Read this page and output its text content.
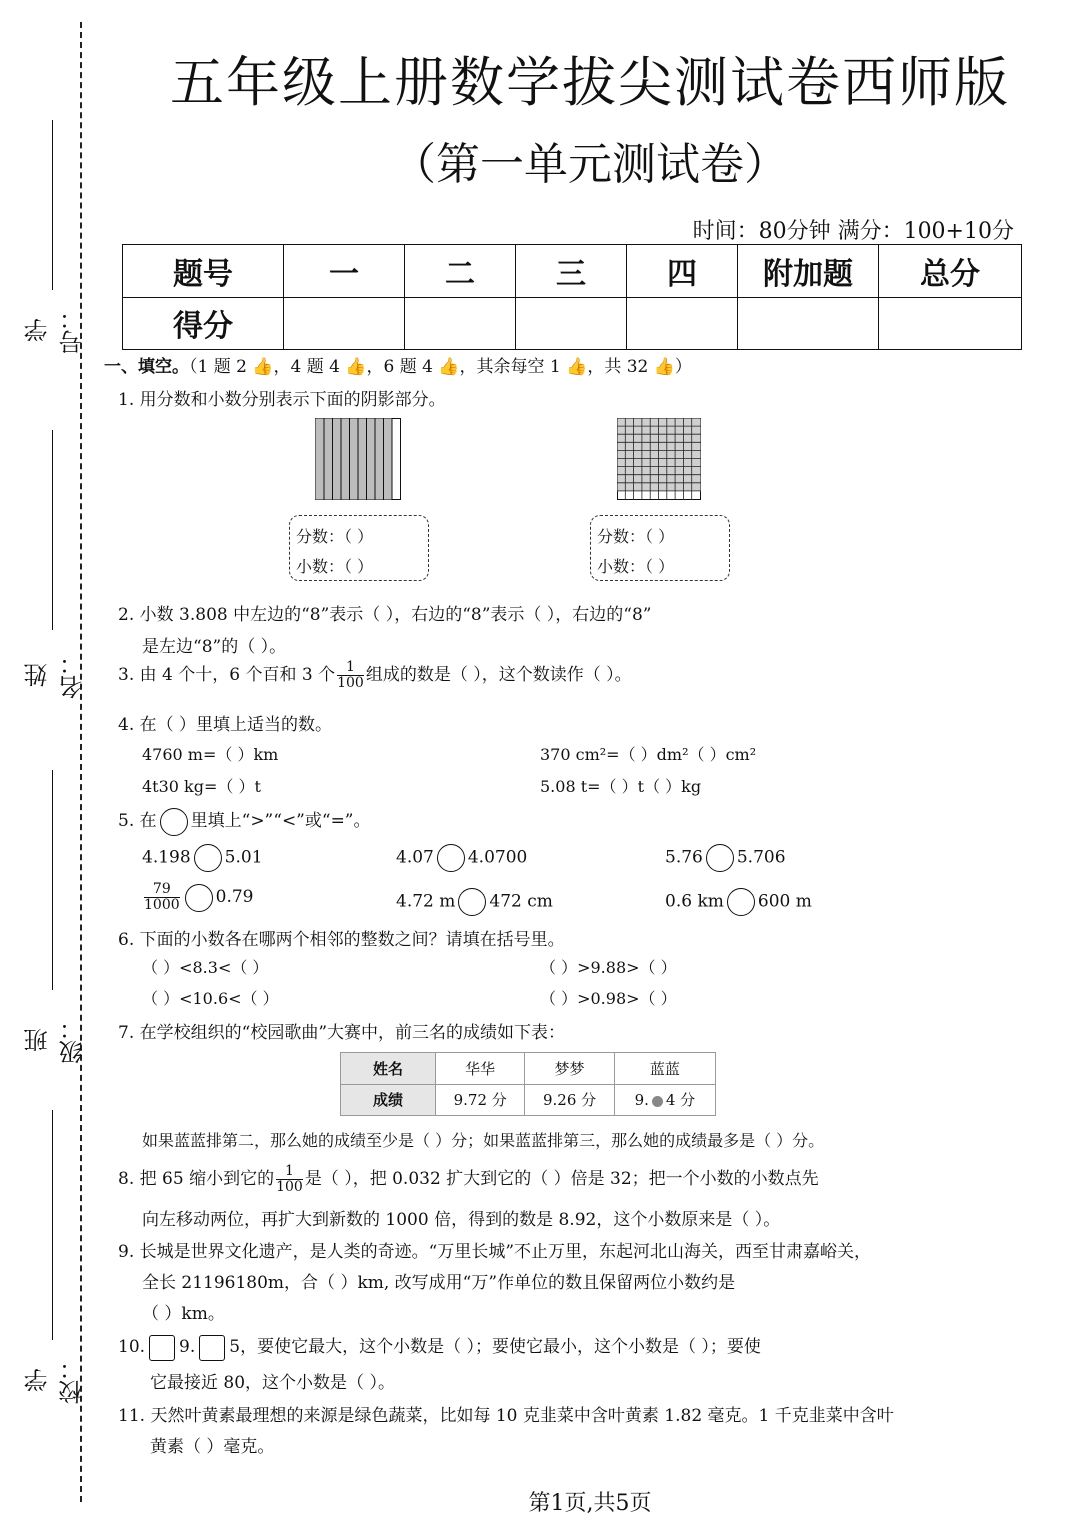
学号：
姓名：
班级：
学校：
五年级上册数学拔尖测试卷西师版
（第一单元测试卷）
时间：80分钟 满分：100+10分
题号	一	二	三	四	附加题	总分
得分						
一、填空。（1 题 2 👍，4 题 4 👍，6 题 4 👍，其余每空 1 👍，共 32 👍）
1. 用分数和小数分别表示下面的阴影部分。
分数：（ ）
小数：（ ）
分数：（ ）
小数：（ ）
2. 小数 3.808 中左边的“8”表示（ ），右边的“8”表示（ ），右边的“8”
是左边“8”的（ ）。
3. 由 4 个十，6 个百和 3 个 $\frac{1}{100}$ 组成的数是（ ），这个数读作（ ）。
4. 在（ ）里填上适当的数。
4760 m=（ ）km	370 cm²=（ ）dm²（ ）cm²
4t30 kg=（ ）t	5.08 t=（ ）t（ ）kg
5. 在 里填上“>”“<”或“=”。
4.198 5.01	4.07 4.0700	5.76 5.706
$\frac{79}{1000} 0.79$	4.72 m 472 cm	0.6 km 600 m
6. 下面的小数各在哪两个相邻的整数之间？请填在括号里。
（ ）<8.3<（ ）	（ ）>9.88>（ ）
（ ）<10.6<（ ）	（ ）>0.98>（ ）
7. 在学校组织的“校园歌曲”大赛中，前三名的成绩如下表：
姓名	华华	梦梦	蓝蓝
成绩	9.72 分	9.26 分	9. 4 分
如果蓝蓝排第二，那么她的成绩至少是（ ）分；如果蓝蓝排第三，那么她的成绩最多是（ ）分。
8. 把 65 缩小到它的 $\frac{1}{100}$ 是（ ），把 0.032 扩大到它的（ ）倍是 32；把一个小数的小数点先
向左移动两位，再扩大到新数的 1000 倍，得到的数是 8.92，这个小数原来是（ ）。
9. 长城是世界文化遗产，是人类的奇迹。“万里长城”不止万里，东起河北山海关，西至甘肃嘉峪关，
全长 21196180m，合（ ）km, 改写成用“万”作单位的数且保留两位小数约是
（ ）km。
10. 9. 5，要使它最大，这个小数是（ ）；要使它最小，这个小数是（ ）；要使
它最接近 80，这个小数是（ ）。
11. 天然叶黄素最理想的来源是绿色蔬菜，比如每 10 克韭菜中含叶黄素 1.82 毫克。1 千克韭菜中含叶
黄素（ ）毫克。
第1页,共5页
